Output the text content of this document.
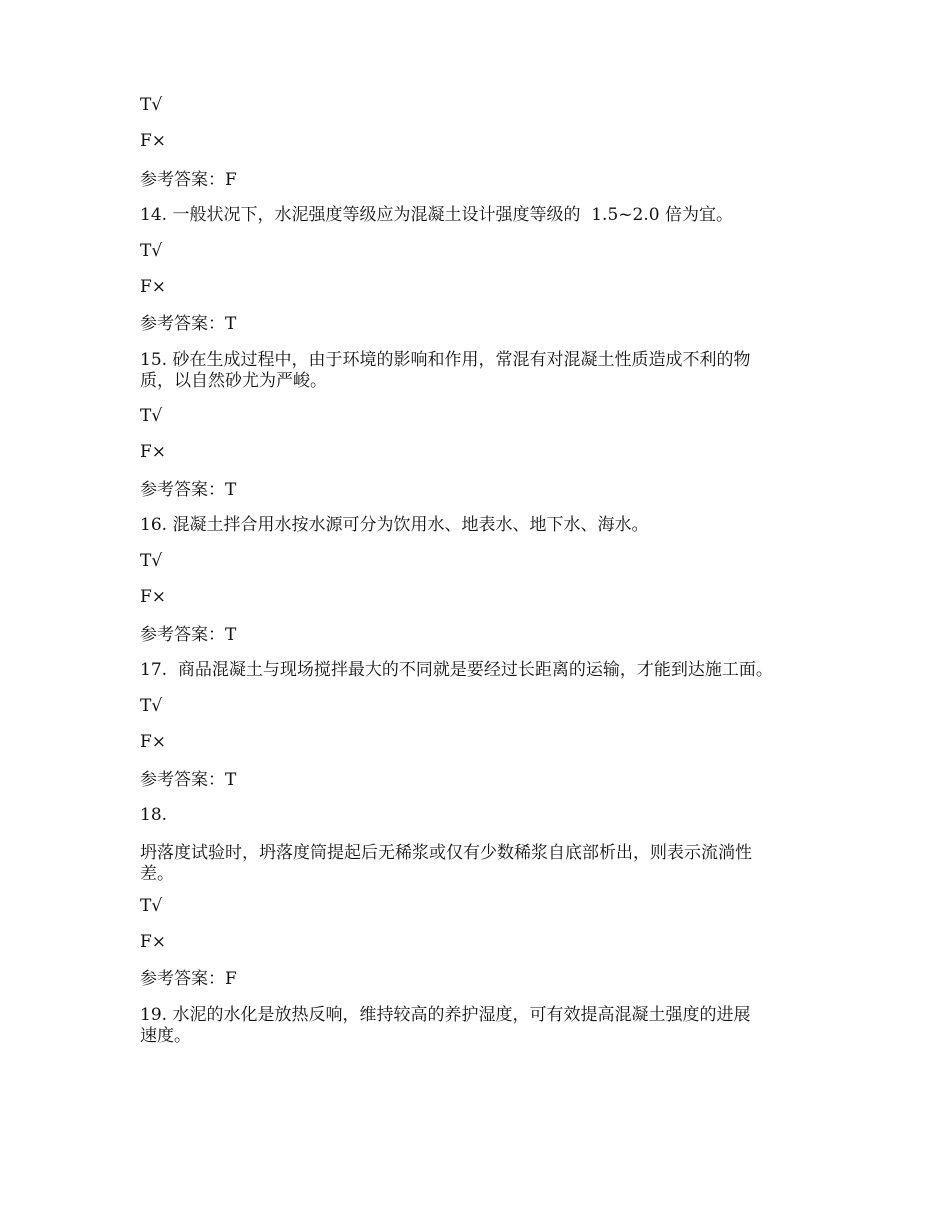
T√
F×
参考答案：F
14. 一般状况下，水泥强度等级应为混凝土设计强度等级的  1.5~2.0 倍为宜。
T√
F×
参考答案：T
15. 砂在生成过程中，由于环境的影响和作用，常混有对混凝土性质造成不利的物
质，以自然砂尤为严峻。
T√
F×
参考答案：T
16. 混凝土拌合用水按水源可分为饮用水、地表水、地下水、海水。
T√
F×
参考答案：T
17.  商品混凝土与现场搅拌最大的不同就是要经过长距离的运输，才能到达施工面。
T√
F×
参考答案：T
18.
坍落度试验时，坍落度筒提起后无稀浆或仅有少数稀浆自底部析出，则表示流淌性
差。
T√
F×
参考答案：F
19. 水泥的水化是放热反响，维持较高的养护湿度，可有效提高混凝土强度的进展
速度。
